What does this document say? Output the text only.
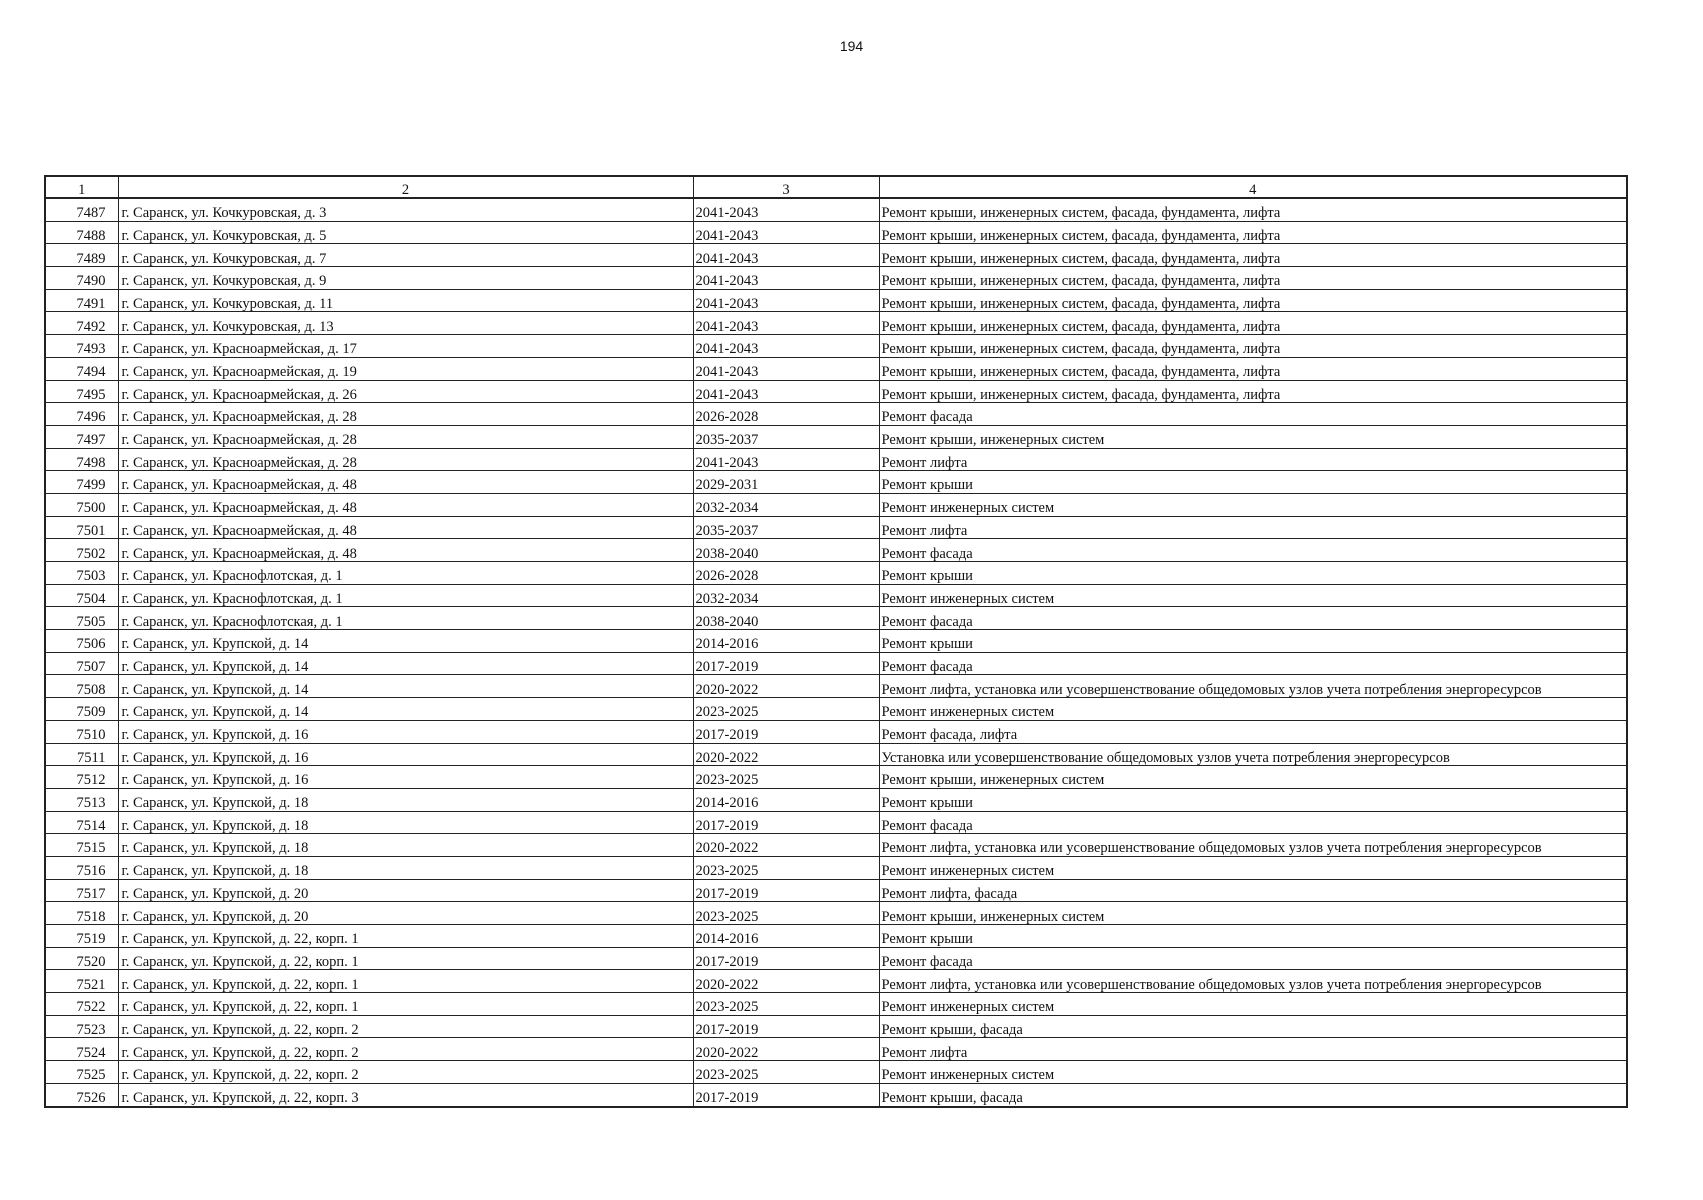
194
1	2	3	4
7487	г. Саранск, ул. Кочкуровская, д. 3	2041-2043	Ремонт крыши, инженерных систем, фасада, фундамента, лифта
7488	г. Саранск, ул. Кочкуровская, д. 5	2041-2043	Ремонт крыши, инженерных систем, фасада, фундамента, лифта
7489	г. Саранск, ул. Кочкуровская, д. 7	2041-2043	Ремонт крыши, инженерных систем, фасада, фундамента, лифта
7490	г. Саранск, ул. Кочкуровская, д. 9	2041-2043	Ремонт крыши, инженерных систем, фасада, фундамента, лифта
7491	г. Саранск, ул. Кочкуровская, д. 11	2041-2043	Ремонт крыши, инженерных систем, фасада, фундамента, лифта
7492	г. Саранск, ул. Кочкуровская, д. 13	2041-2043	Ремонт крыши, инженерных систем, фасада, фундамента, лифта
7493	г. Саранск, ул. Красноармейская, д. 17	2041-2043	Ремонт крыши, инженерных систем, фасада, фундамента, лифта
7494	г. Саранск, ул. Красноармейская, д. 19	2041-2043	Ремонт крыши, инженерных систем, фасада, фундамента, лифта
7495	г. Саранск, ул. Красноармейская, д. 26	2041-2043	Ремонт крыши, инженерных систем, фасада, фундамента, лифта
7496	г. Саранск, ул. Красноармейская, д. 28	2026-2028	Ремонт фасада
7497	г. Саранск, ул. Красноармейская, д. 28	2035-2037	Ремонт крыши, инженерных систем
7498	г. Саранск, ул. Красноармейская, д. 28	2041-2043	Ремонт лифта
7499	г. Саранск, ул. Красноармейская, д. 48	2029-2031	Ремонт крыши
7500	г. Саранск, ул. Красноармейская, д. 48	2032-2034	Ремонт инженерных систем
7501	г. Саранск, ул. Красноармейская, д. 48	2035-2037	Ремонт лифта
7502	г. Саранск, ул. Красноармейская, д. 48	2038-2040	Ремонт фасада
7503	г. Саранск, ул. Краснофлотская, д. 1	2026-2028	Ремонт крыши
7504	г. Саранск, ул. Краснофлотская, д. 1	2032-2034	Ремонт инженерных систем
7505	г. Саранск, ул. Краснофлотская, д. 1	2038-2040	Ремонт фасада
7506	г. Саранск, ул. Крупской, д. 14	2014-2016	Ремонт крыши
7507	г. Саранск, ул. Крупской, д. 14	2017-2019	Ремонт фасада
7508	г. Саранск, ул. Крупской, д. 14	2020-2022	Ремонт лифта, установка или усовершенствование общедомовых узлов учета потребления энергоресурсов
7509	г. Саранск, ул. Крупской, д. 14	2023-2025	Ремонт инженерных систем
7510	г. Саранск, ул. Крупской, д. 16	2017-2019	Ремонт фасада, лифта
7511	г. Саранск, ул. Крупской, д. 16	2020-2022	Установка или усовершенствование общедомовых узлов учета потребления энергоресурсов
7512	г. Саранск, ул. Крупской, д. 16	2023-2025	Ремонт крыши, инженерных систем
7513	г. Саранск, ул. Крупской, д. 18	2014-2016	Ремонт крыши
7514	г. Саранск, ул. Крупской, д. 18	2017-2019	Ремонт фасада
7515	г. Саранск, ул. Крупской, д. 18	2020-2022	Ремонт лифта, установка или усовершенствование общедомовых узлов учета потребления энергоресурсов
7516	г. Саранск, ул. Крупской, д. 18	2023-2025	Ремонт инженерных систем
7517	г. Саранск, ул. Крупской, д. 20	2017-2019	Ремонт лифта, фасада
7518	г. Саранск, ул. Крупской, д. 20	2023-2025	Ремонт крыши, инженерных систем
7519	г. Саранск, ул. Крупской, д. 22, корп. 1	2014-2016	Ремонт крыши
7520	г. Саранск, ул. Крупской, д. 22, корп. 1	2017-2019	Ремонт фасада
7521	г. Саранск, ул. Крупской, д. 22, корп. 1	2020-2022	Ремонт лифта, установка или усовершенствование общедомовых узлов учета потребления энергоресурсов
7522	г. Саранск, ул. Крупской, д. 22, корп. 1	2023-2025	Ремонт инженерных систем
7523	г. Саранск, ул. Крупской, д. 22, корп. 2	2017-2019	Ремонт крыши, фасада
7524	г. Саранск, ул. Крупской, д. 22, корп. 2	2020-2022	Ремонт лифта
7525	г. Саранск, ул. Крупской, д. 22, корп. 2	2023-2025	Ремонт инженерных систем
7526	г. Саранск, ул. Крупской, д. 22, корп. 3	2017-2019	Ремонт крыши, фасада
